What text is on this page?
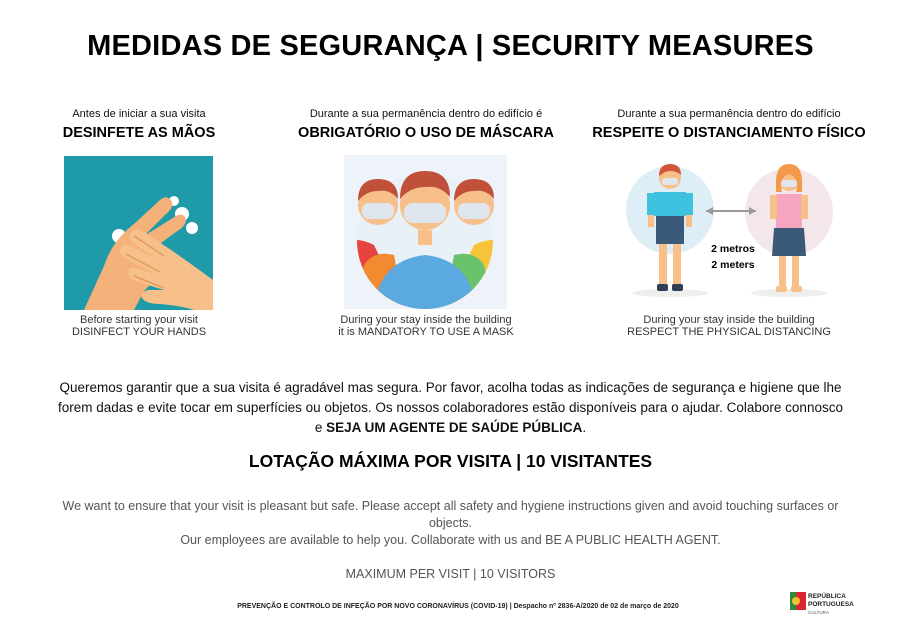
MEDIDAS DE SEGURANÇA | SECURITY MEASURES
Antes de iniciar a sua visita
DESINFETE AS MÃOS
Before starting your visit
DISINFECT YOUR HANDS
Durante a sua permanência dentro do edifício é
OBRIGATÓRIO O USO DE MÁSCARA
During your stay inside the building
it is MANDATORY TO USE A MASK
Durante a sua permanência dentro do edifício
RESPEITE O DISTANCIAMENTO FÍSICO
2 metros
2 meters
During your stay inside the building
RESPECT THE PHYSICAL DISTANCING
Queremos garantir que a sua visita é agradável mas segura. Por favor, acolha todas as indicações de segurança e higiene que lhe
forem dadas e evite tocar em superfícies ou objetos. Os nossos colaboradores estão disponíveis para o ajudar. Colabore connosco
e SEJA UM AGENTE DE SAÚDE PÚBLICA.
LOTAÇÃO MÁXIMA POR VISITA | 10 VISITANTES
We want to ensure that your visit is pleasant but safe. Please accept all safety and hygiene instructions given and avoid touching surfaces or objects.
Our employees are available to help you. Collaborate with us and BE A PUBLIC HEALTH AGENT.
MAXIMUM PER VISIT | 10 VISITORS
PREVENÇÃO E CONTROLO DE INFEÇÃO POR NOVO CORONAVÍRUS (COVID-19) | Despacho nº 2836-A/2020 de 02 de março de 2020
REPÚBLICA
PORTUGUESA
CULTURA
